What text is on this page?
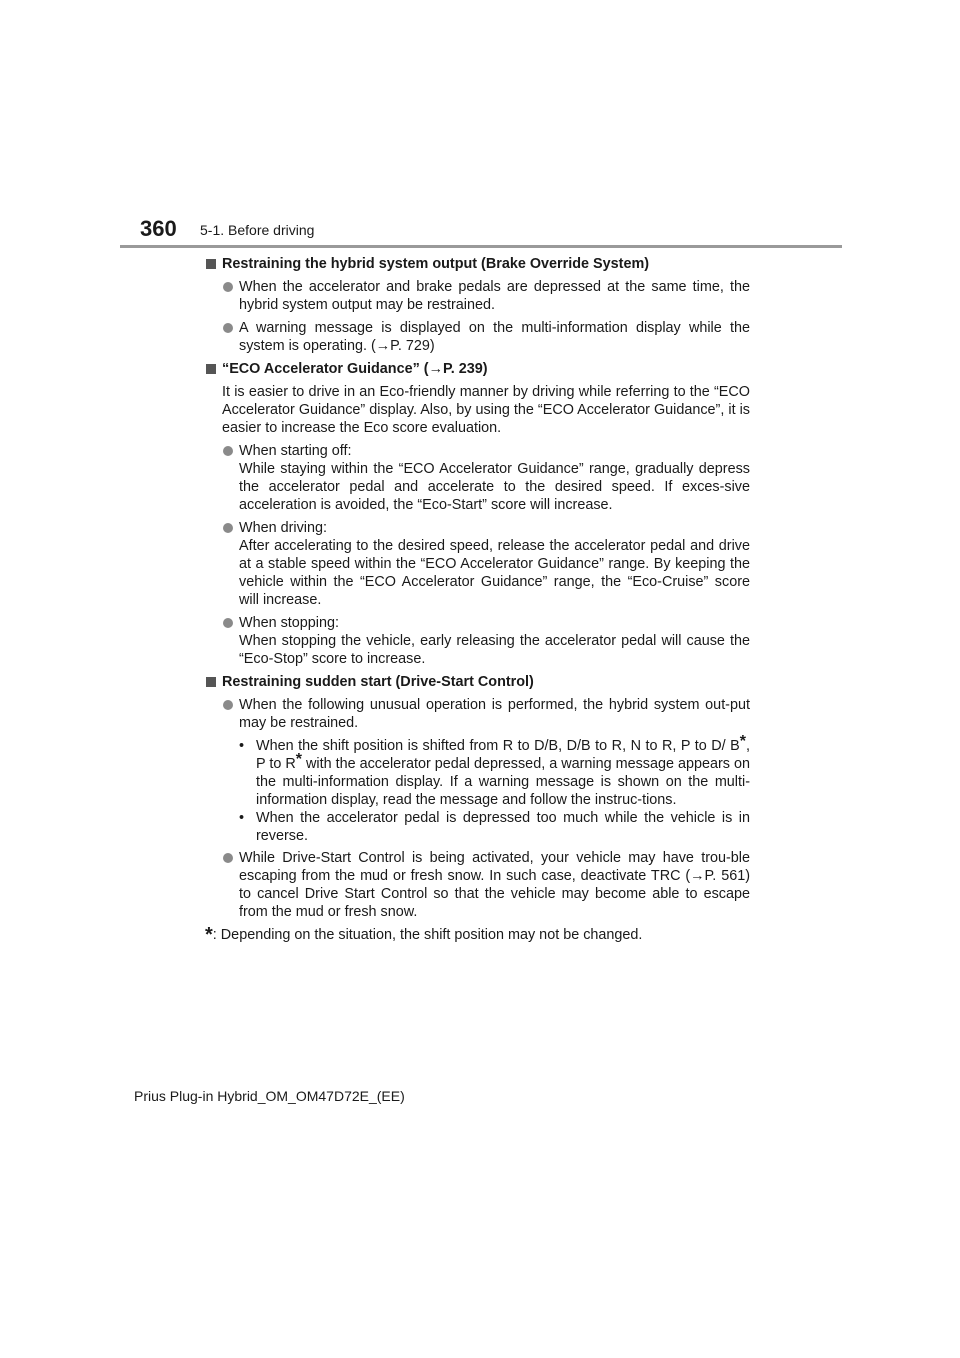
360 5-1. Before driving
Restraining the hybrid system output (Brake Override System)
When the accelerator and brake pedals are depressed at the same time, the hybrid system output may be restrained.
A warning message is displayed on the multi-information display while the system is operating. (→P. 729)
“ECO Accelerator Guidance” (→P. 239)
It is easier to drive in an Eco-friendly manner by driving while referring to the “ECO Accelerator Guidance” display. Also, by using the “ECO Accelerator Guidance”, it is easier to increase the Eco score evaluation.
When starting off:
While staying within the “ECO Accelerator Guidance” range, gradually depress the accelerator pedal and accelerate to the desired speed. If exces-sive acceleration is avoided, the “Eco-Start” score will increase.
When driving:
After accelerating to the desired speed, release the accelerator pedal and drive at a stable speed within the “ECO Accelerator Guidance” range. By keeping the vehicle within the “ECO Accelerator Guidance” range, the “Eco-Cruise” score will increase.
When stopping:
When stopping the vehicle, early releasing the accelerator pedal will cause the “Eco-Stop” score to increase.
Restraining sudden start (Drive-Start Control)
When the following unusual operation is performed, the hybrid system out-put may be restrained.
• When the shift position is shifted from R to D/B, D/B to R, N to R, P to D/ B*, P to R* with the accelerator pedal depressed, a warning message appears on the multi-information display. If a warning message is shown on the multi-information display, read the message and follow the instruc-tions.
• When the accelerator pedal is depressed too much while the vehicle is in reverse.
While Drive-Start Control is being activated, your vehicle may have trou-ble escaping from the mud or fresh snow. In such case, deactivate TRC (→P. 561) to cancel Drive Start Control so that the vehicle may become able to escape from the mud or fresh snow.
*: Depending on the situation, the shift position may not be changed.
Prius Plug-in Hybrid_OM_OM47D72E_(EE)
